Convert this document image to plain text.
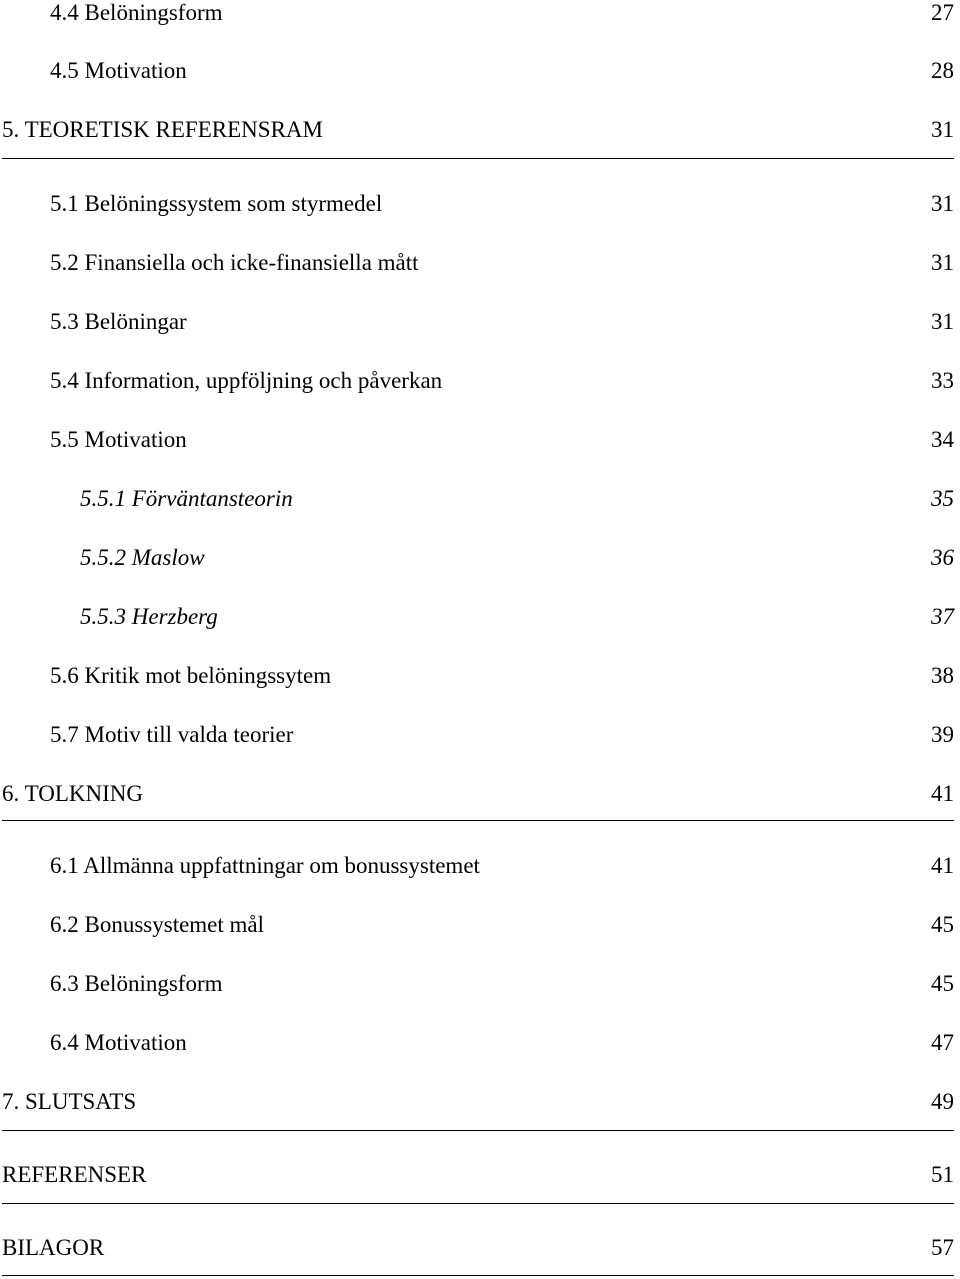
4.4 Belöningsform	27
4.5 Motivation	28
5. TEORETISK REFERENSRAM	31
5.1 Belöningssystem som styrmedel	31
5.2 Finansiella och icke-finansiella mått	31
5.3 Belöningar	31
5.4 Information, uppföljning och påverkan	33
5.5 Motivation	34
5.5.1 Förväntansteorin	35
5.5.2 Maslow	36
5.5.3 Herzberg	37
5.6 Kritik mot belöningssytem	38
5.7 Motiv till valda teorier	39
6. TOLKNING	41
6.1 Allmänna uppfattningar om bonussystemet	41
6.2 Bonussystemet mål	45
6.3 Belöningsform	45
6.4 Motivation	47
7. SLUTSATS	49
REFERENSER	51
BILAGOR	57
